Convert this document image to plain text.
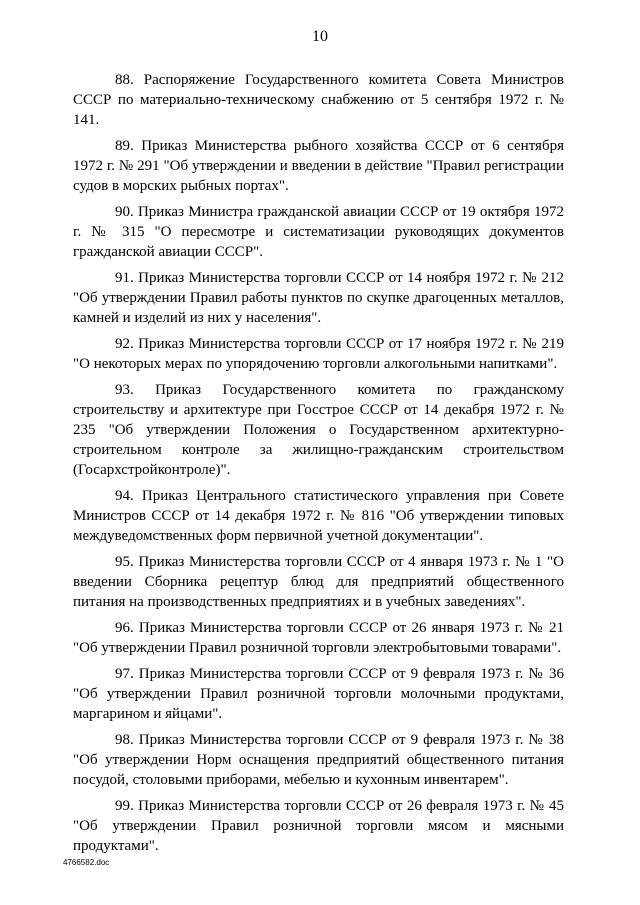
10

88. Распоряжение Государственного комитета Совета Министров СССР по материально-техническому снабжению от 5 сентября 1972 г. № 141.

89. Приказ Министерства рыбного хозяйства СССР от 6 сентября 1972 г. № 291 "Об утверждении и введении в действие "Правил регистрации судов в морских рыбных портах".

90. Приказ Министра гражданской авиации СССР от 19 октября 1972 г. № 315 "О пересмотре и систематизации руководящих документов гражданской авиации СССР".

91. Приказ Министерства торговли СССР от 14 ноября 1972 г. № 212 "Об утверждении Правил работы пунктов по скупке драгоценных металлов, камней и изделий из них у населения".

92. Приказ Министерства торговли СССР от 17 ноября 1972 г. № 219 "О некоторых мерах по упорядочению торговли алкогольными напитками".

93. Приказ Государственного комитета по гражданскому строительству и архитектуре при Госстрое СССР от 14 декабря 1972 г. № 235 "Об утверждении Положения о Государственном архитектурно-строительном контроле за жилищно-гражданским строительством (Госархстройконтроле)".

94. Приказ Центрального статистического управления при Совете Министров СССР от 14 декабря 1972 г. № 816 "Об утверждении типовых междуведомственных форм первичной учетной документации".

95. Приказ Министерства торговли СССР от 4 января 1973 г. № 1 "О введении Сборника рецептур блюд для предприятий общественного питания на производственных предприятиях и в учебных заведениях".

96. Приказ Министерства торговли СССР от 26 января 1973 г. № 21 "Об утверждении Правил розничной торговли электробытовыми товарами".

97. Приказ Министерства торговли СССР от 9 февраля 1973 г. № 36 "Об утверждении Правил розничной торговли молочными продуктами, маргарином и яйцами".

98. Приказ Министерства торговли СССР от 9 февраля 1973 г. № 38 "Об утверждении Норм оснащения предприятий общественного питания посудой, столовыми приборами, мебелью и кухонным инвентарем".

99. Приказ Министерства торговли СССР от 26 февраля 1973 г. № 45 "Об утверждении Правил розничной торговли мясом и мясными продуктами".

4766582.doc
